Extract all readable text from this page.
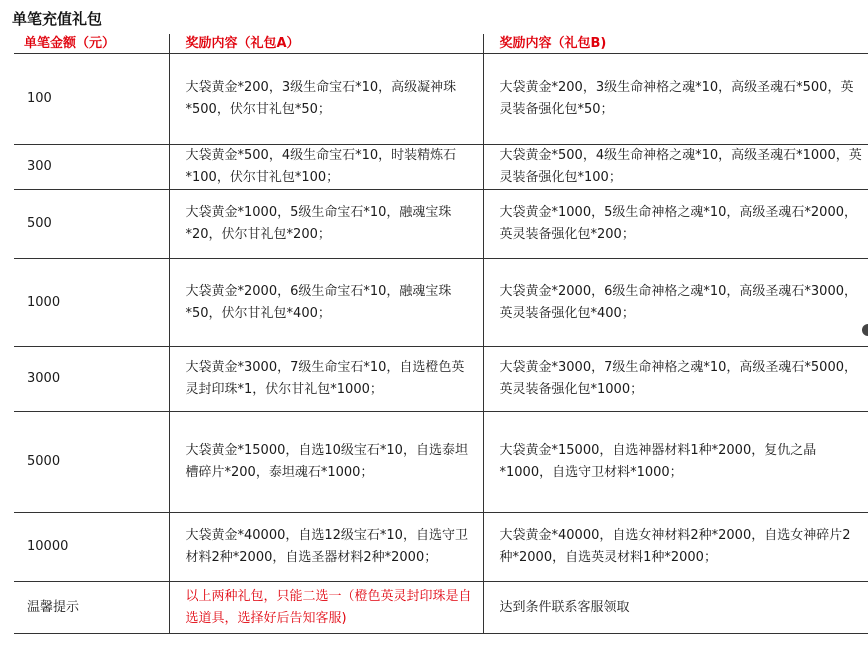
单笔充值礼包
单笔金额（元）	奖励内容（礼包A）	奖励内容（礼包B)
100	大袋黄金*200，3级生命宝石*10，高级凝神珠*500，伏尔甘礼包*50；	大袋黄金*200，3级生命神格之魂*10，高级圣魂石*500，英灵装备强化包*50；
300	大袋黄金*500，4级生命宝石*10，时装精炼石*100，伏尔甘礼包*100；	大袋黄金*500，4级生命神格之魂*10，高级圣魂石*1000，英灵装备强化包*100；
500	大袋黄金*1000，5级生命宝石*10，融魂宝珠*20，伏尔甘礼包*200；	大袋黄金*1000，5级生命神格之魂*10，高级圣魂石*2000，英灵装备强化包*200；
1000	大袋黄金*2000，6级生命宝石*10，融魂宝珠*50，伏尔甘礼包*400；	大袋黄金*2000，6级生命神格之魂*10，高级圣魂石*3000，英灵装备强化包*400；
3000	大袋黄金*3000，7级生命宝石*10，自选橙色英灵封印珠*1，伏尔甘礼包*1000；	大袋黄金*3000，7级生命神格之魂*10，高级圣魂石*5000，英灵装备强化包*1000；
5000	大袋黄金*15000，自选10级宝石*10，自选泰坦槽碎片*200，泰坦魂石*1000；	大袋黄金*15000，自选神器材料1种*2000，复仇之晶*1000，自选守卫材料*1000；
10000	大袋黄金*40000，自选12级宝石*10，自选守卫材料2种*2000，自选圣器材料2种*2000；	大袋黄金*40000，自选女神材料2种*2000，自选女神碎片2种*2000，自选英灵材料1种*2000；
温馨提示	以上两种礼包，只能二选一（橙色英灵封印珠是自选道具，选择好后告知客服)	达到条件联系客服领取
